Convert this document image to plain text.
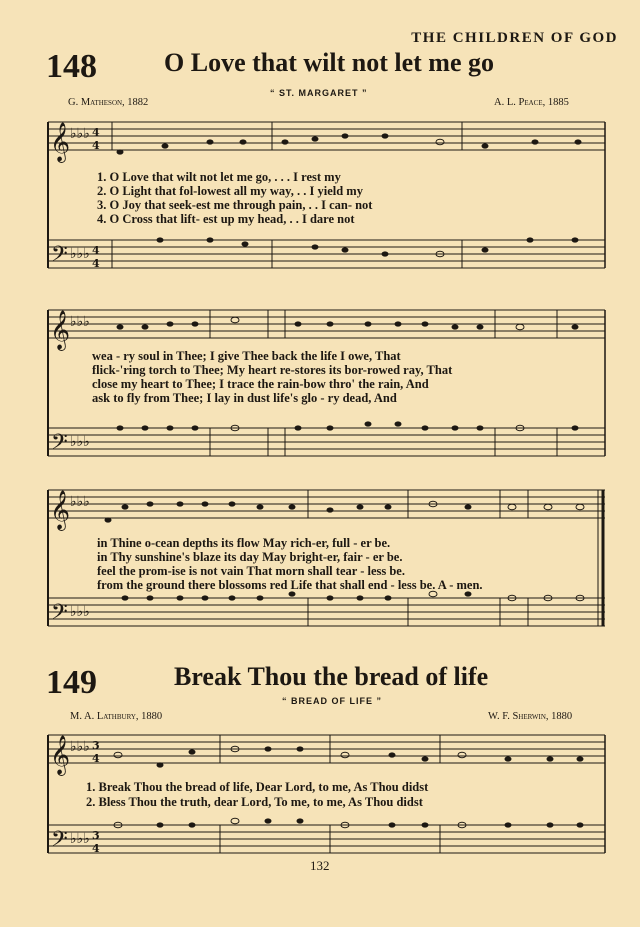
THE CHILDREN OF GOD
148	O Love that wilt not let me go
“ ST. MARGARET ”
G. Matheson, 1882	A. L. Peace, 1885
𝄞
𝄢
♭♭♭
♭♭♭
4
4
4
4
1. O Love that wilt not let me go, . . . I rest my
2. O Light that fol-lowest all my way, . . I yield my
3. O Joy that seek-est me through pain, . . I can- not
4. O Cross that lift- est up my head, . . I dare not
𝄞
𝄢
♭♭♭
♭♭♭
wea - ry soul in Thee; I give Thee back the life I owe, That
flick-'ring torch to Thee; My heart re-stores its bor-rowed ray, That
close my heart to Thee; I trace the rain-bow thro' the rain, And
ask to fly from Thee; I lay in dust life's glo - ry dead, And
𝄞
𝄢
♭♭♭
♭♭♭
in Thine o-cean depths its flow May rich-er, full - er be.
in Thy sunshine's blaze its day May bright-er, fair - er be.
feel the prom-ise is not vain That morn shall tear - less be.
from the ground there blossoms red Life that shall end - less be. A - men.
149	Break Thou the bread of life
“ BREAD OF LIFE ”
M. A. Lathbury, 1880	W. F. Sherwin, 1880
𝄞
𝄢
♭♭♭
♭♭♭
3
4
3
4
1. Break Thou the bread of life, Dear Lord, to me, As Thou didst
2. Bless Thou the truth, dear Lord, To me, to me, As Thou didst
132
